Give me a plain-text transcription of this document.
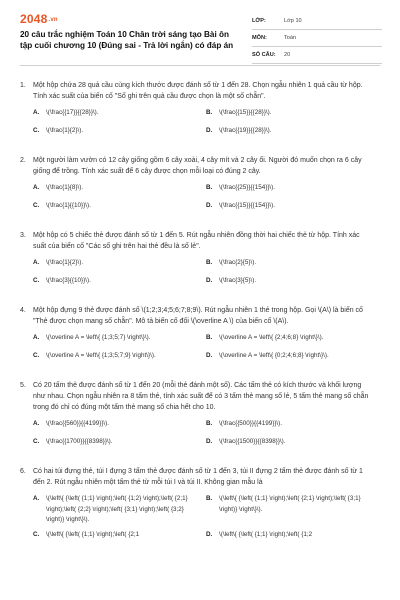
2048.vn
20 câu trắc nghiệm Toán 10 Chân trời sáng tạo Bài ôn tập cuối chương 10 (Đúng sai - Trả lời ngắn) có đáp án
LỚP:	Lớp 10
MÔN:	Toán
SỐ CÂU:	20
1.	Một hộp chứa 28 quả cầu cùng kích thước được đánh số từ 1 đến 28. Chọn ngẫu nhiên 1 quả cầu từ hộp. Tính xác suất của biến cố "Số ghi trên quả cầu được chọn là một số chẵn".
A.	\(\frac{{17}}{{28}}\).	B.	\(\frac{{15}}{{28}}\).
C.	\(\frac{1}{2}\).	D.	\(\frac{{19}}{{28}}\).
2.	Một người làm vườn có 12 cây giống gồm 6 cây xoài, 4 cây mít và 2 cây ổi. Người đó muốn chọn ra 6 cây giống để trồng. Tính xác suất để 6 cây được chọn mỗi loại có đúng 2 cây.
A.	\(\frac{1}{8}\).	B.	\(\frac{{25}}{{154}}\).
C.	\(\frac{1}{{10}}\).	D.	\(\frac{{15}}{{154}}\).
3.	Một hộp có 5 chiếc thẻ được đánh số từ 1 đến 5. Rút ngẫu nhiên đồng thời hai chiếc thẻ từ hộp. Tính xác suất của biến cố "Các số ghi trên hai thẻ đều là số lẻ".
A.	\(\frac{1}{2}\).	B.	\(\frac{2}{5}\).
C.	\(\frac{3}{{10}}\).	D.	\(\frac{3}{5}\).
4.	Một hộp đựng 9 thẻ được đánh số \(1;2;3;4;5;6;7;8;9\). Rút ngẫu nhiên 1 thẻ trong hộp. Gọi \(A\) là biến cố "Thẻ được chọn mang số chẵn". Mô tả biến cố đối \(\overline A \) của biến cố \(A\).
A.	\(\overline A = \left\{ {1;3;5;7} \right\}\).	B.	\(\overline A = \left\{ {2;4;6;8} \right\}\).
C.	\(\overline A = \left\{ {1;3;5;7;9} \right\}\).	D.	\(\overline A = \left\{ {0;2;4;6;8} \right\}\).
5.	Có 20 tấm thẻ được đánh số từ 1 đến 20 (mỗi thẻ đánh một số). Các tấm thẻ có kích thước và khối lượng như nhau. Chọn ngẫu nhiên ra 8 tấm thẻ, tính xác suất để có 3 tấm thẻ mang số lẻ, 5 tấm thẻ mang số chẵn trong đó chỉ có đúng một tấm thẻ mang số chia hết cho 10.
A.	\(\frac{{560}}{{4199}}\).	B.	\(\frac{{500}}{{4199}}\).
C.	\(\frac{{1700}}{{8398}}\).	D.	\(\frac{{1500}}{{8398}}\).
6.	Có hai túi đựng thẻ, túi I đựng 3 tấm thẻ được đánh số từ 1 đến 3, túi II đựng 2 tấm thẻ được đánh số từ 1 đến 2. Rút ngẫu nhiên một tấm thẻ từ mỗi túi I và túi II. Không gian mẫu là
A.	\(\left\{ {\left( {1;1} \right);\left( {1;2} \right);\left( {2;1} \right);\left( {2;2} \right);\left( {3;1} \right);\left( {3;2} \right)} \right\}\).
B.	\(\left\{ {\left( {1;1} \right);\left( {2;1} \right);\left( {3;1} \right)} \right\}\).
C.	\(\left\{ {\left( {1;1} \right);\left( {2;1	D.	\(\left\{ {\left( {1;1} \right);\left( {1;2
